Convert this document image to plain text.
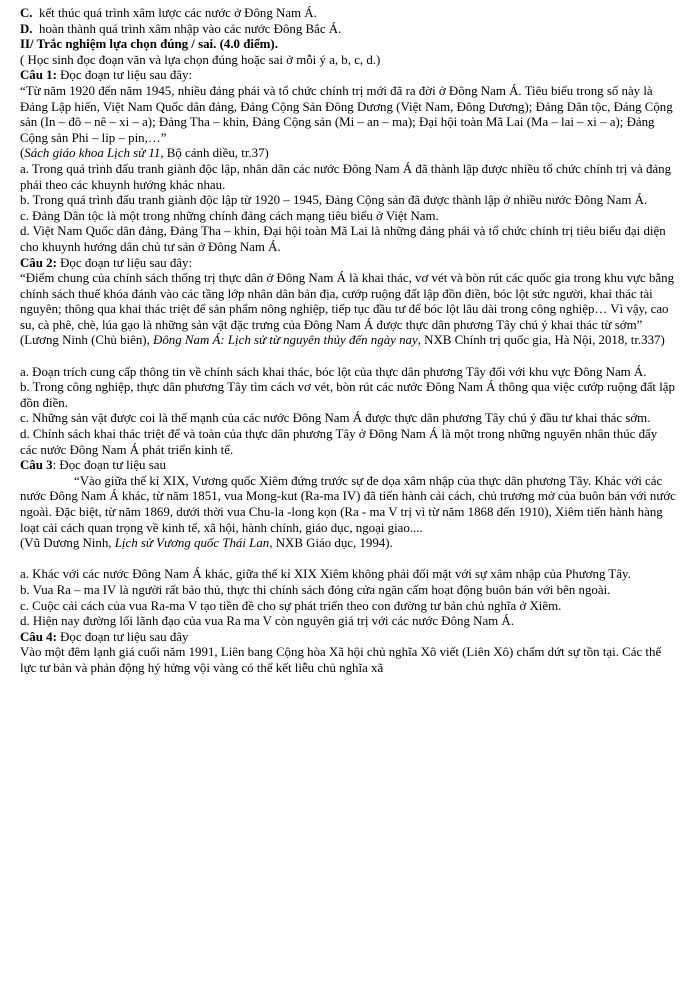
C. kết thúc quá trình xâm lược các nước ở Đông Nam Á.

D. hoàn thành quá trình xâm nhập vào các nước Đông Bắc Á.

II/ Trắc nghiệm lựa chọn đúng / sai. (4.0 điểm).

( Học sinh đọc đoạn văn và lựa chọn đúng hoặc sai ở mỗi ý a, b, c, d.)

Câu 1: Đọc đoạn tư liệu sau đây:

“Từ năm 1920 đến năm 1945, nhiều đảng phái và tổ chức chính trị mới đã ra đời ở Đông Nam Á. Tiêu biểu trong số này là Đảng Lập hiến, Việt Nam Quốc dân đảng, Đảng Cộng Sản Đông Dương (Việt Nam, Đông Dương); Đảng Dân tộc, Đảng Cộng sản (In – đô – nê – xi – a); Đảng Tha – khin, Đảng Cộng sản (Mi – an – ma); Đại hội toàn Mã Lai (Ma – lai – xi – a); Đảng Cộng sản Phi – lip – pin,…”

(Sách giáo khoa Lịch sử 11, Bộ cánh diều, tr.37)

a. Trong quá trình đấu tranh giành độc lập, nhân dân các nước Đông Nam Á đã thành lập được nhiều tổ chức chính trị và đảng phái theo các khuynh hướng khác nhau.

b. Trong quá trình đấu tranh giành độc lập từ 1920 – 1945, Đảng Cộng sản đã được thành lập ở nhiều nước Đông Nam Á.

c. Đảng Dân tộc là một trong những chính đảng cách mạng tiêu biểu ở Việt Nam.

d. Việt Nam Quốc dân đảng, Đảng Tha – khin, Đại hội toàn Mã Lai là những đảng phái và tổ chức chính trị tiêu biểu đại diện cho khuynh hướng dân chủ tư sản ở Đông Nam Á.

Câu 2: Đọc đoạn tư liệu sau đây:

“Điểm chung của chính sách thống trị thực dân ở Đông Nam Á là khai thác, vơ vét và bòn rút các quốc gia trong khu vực bằng chính sách thuế khóa đánh vào các tầng lớp nhân dân bản địa, cướp ruộng đất lập đồn điền, bóc lột sức người, khai thác tài nguyên; thông qua khai thác triệt để sản phẩm nông nghiệp, tiếp tục đầu tư để bóc lột lâu dài trong công nghiệp… Vì vậy, cao su, cà phê, chè, lúa gạo là những sản vật đặc trưng của Đông Nam Á được thực dân phương Tây chú ý khai thác từ sớm”

(Lương Ninh (Chủ biên), Đông Nam Á: Lịch sử từ nguyên thủy đến ngày nay, NXB Chính trị quốc gia, Hà Nội, 2018, tr.337)

a. Đoạn trích cung cấp thông tin về chính sách khai thác, bóc lột của thực dân phương Tây đối với khu vực Đông Nam Á.

b. Trong công nghiệp, thực dân phương Tây tìm cách vơ vét, bòn rút các nước Đông Nam Á thông qua việc cướp ruộng đất lập đồn điền.

c. Những sản vật được coi là thế mạnh của các nước Đông Nam Á được thực dân phương Tây chú ý đầu tư khai thác sớm.

d. Chính sách khai thác triệt để và toàn của thực dân phương Tây ở Đông Nam Á là một trong những nguyên nhân thúc đẩy các nước Đông Nam Á phát triển kinh tế.

Câu 3: Đọc đoạn tư liệu sau

“Vào giữa thế kỉ XIX, Vương quốc Xiêm đứng trước sự đe dọa xâm nhập của thực dân phương Tây. Khác với các nước Đông Nam Á khác, từ năm 1851, vua Mong-kut (Ra-ma IV) đã tiến hành cải cách, chủ trương mở của buôn bán với nước ngoài. Đặc biệt, từ năm 1869, dưới thời vua Chu-la -long kọn (Ra - ma V trị vì từ năm 1868 đến 1910), Xiêm tiến hành hàng loạt cải cách quan trọng về kinh tế, xã hội, hành chính, giáo dục, ngoại giao....

(Vũ Dương Ninh, Lịch sử Vương quốc Thái Lan, NXB Giáo dục, 1994).

a. Khác với các nước Đông Nam Á khác, giữa thế kỉ XIX Xiêm không phải đối mặt với sự xâm nhập của Phương Tây.

b. Vua Ra – ma IV là người rất bảo thủ, thực thi chính sách đóng cửa ngăn cấm hoạt động buôn bán với bên ngoài.

c. Cuộc cải cách của vua Ra-ma V tạo tiền đề cho sự phát triển theo con đường tư bản chủ nghĩa ở Xiêm.

d. Hiện nay đường lối lãnh đạo của vua Ra ma V còn nguyên giá trị với các nước Đông Nam Á.

Câu 4: Đọc đoạn tư liệu sau đây

Vào một đêm lạnh giá cuối năm 1991, Liên bang Cộng hòa Xã hội chủ nghĩa Xô viết (Liên Xô) chấm dứt sự tồn tại. Các thế lực tư bản và phản động hý hửng vội vàng có thể kết liễu chủ nghĩa xã
